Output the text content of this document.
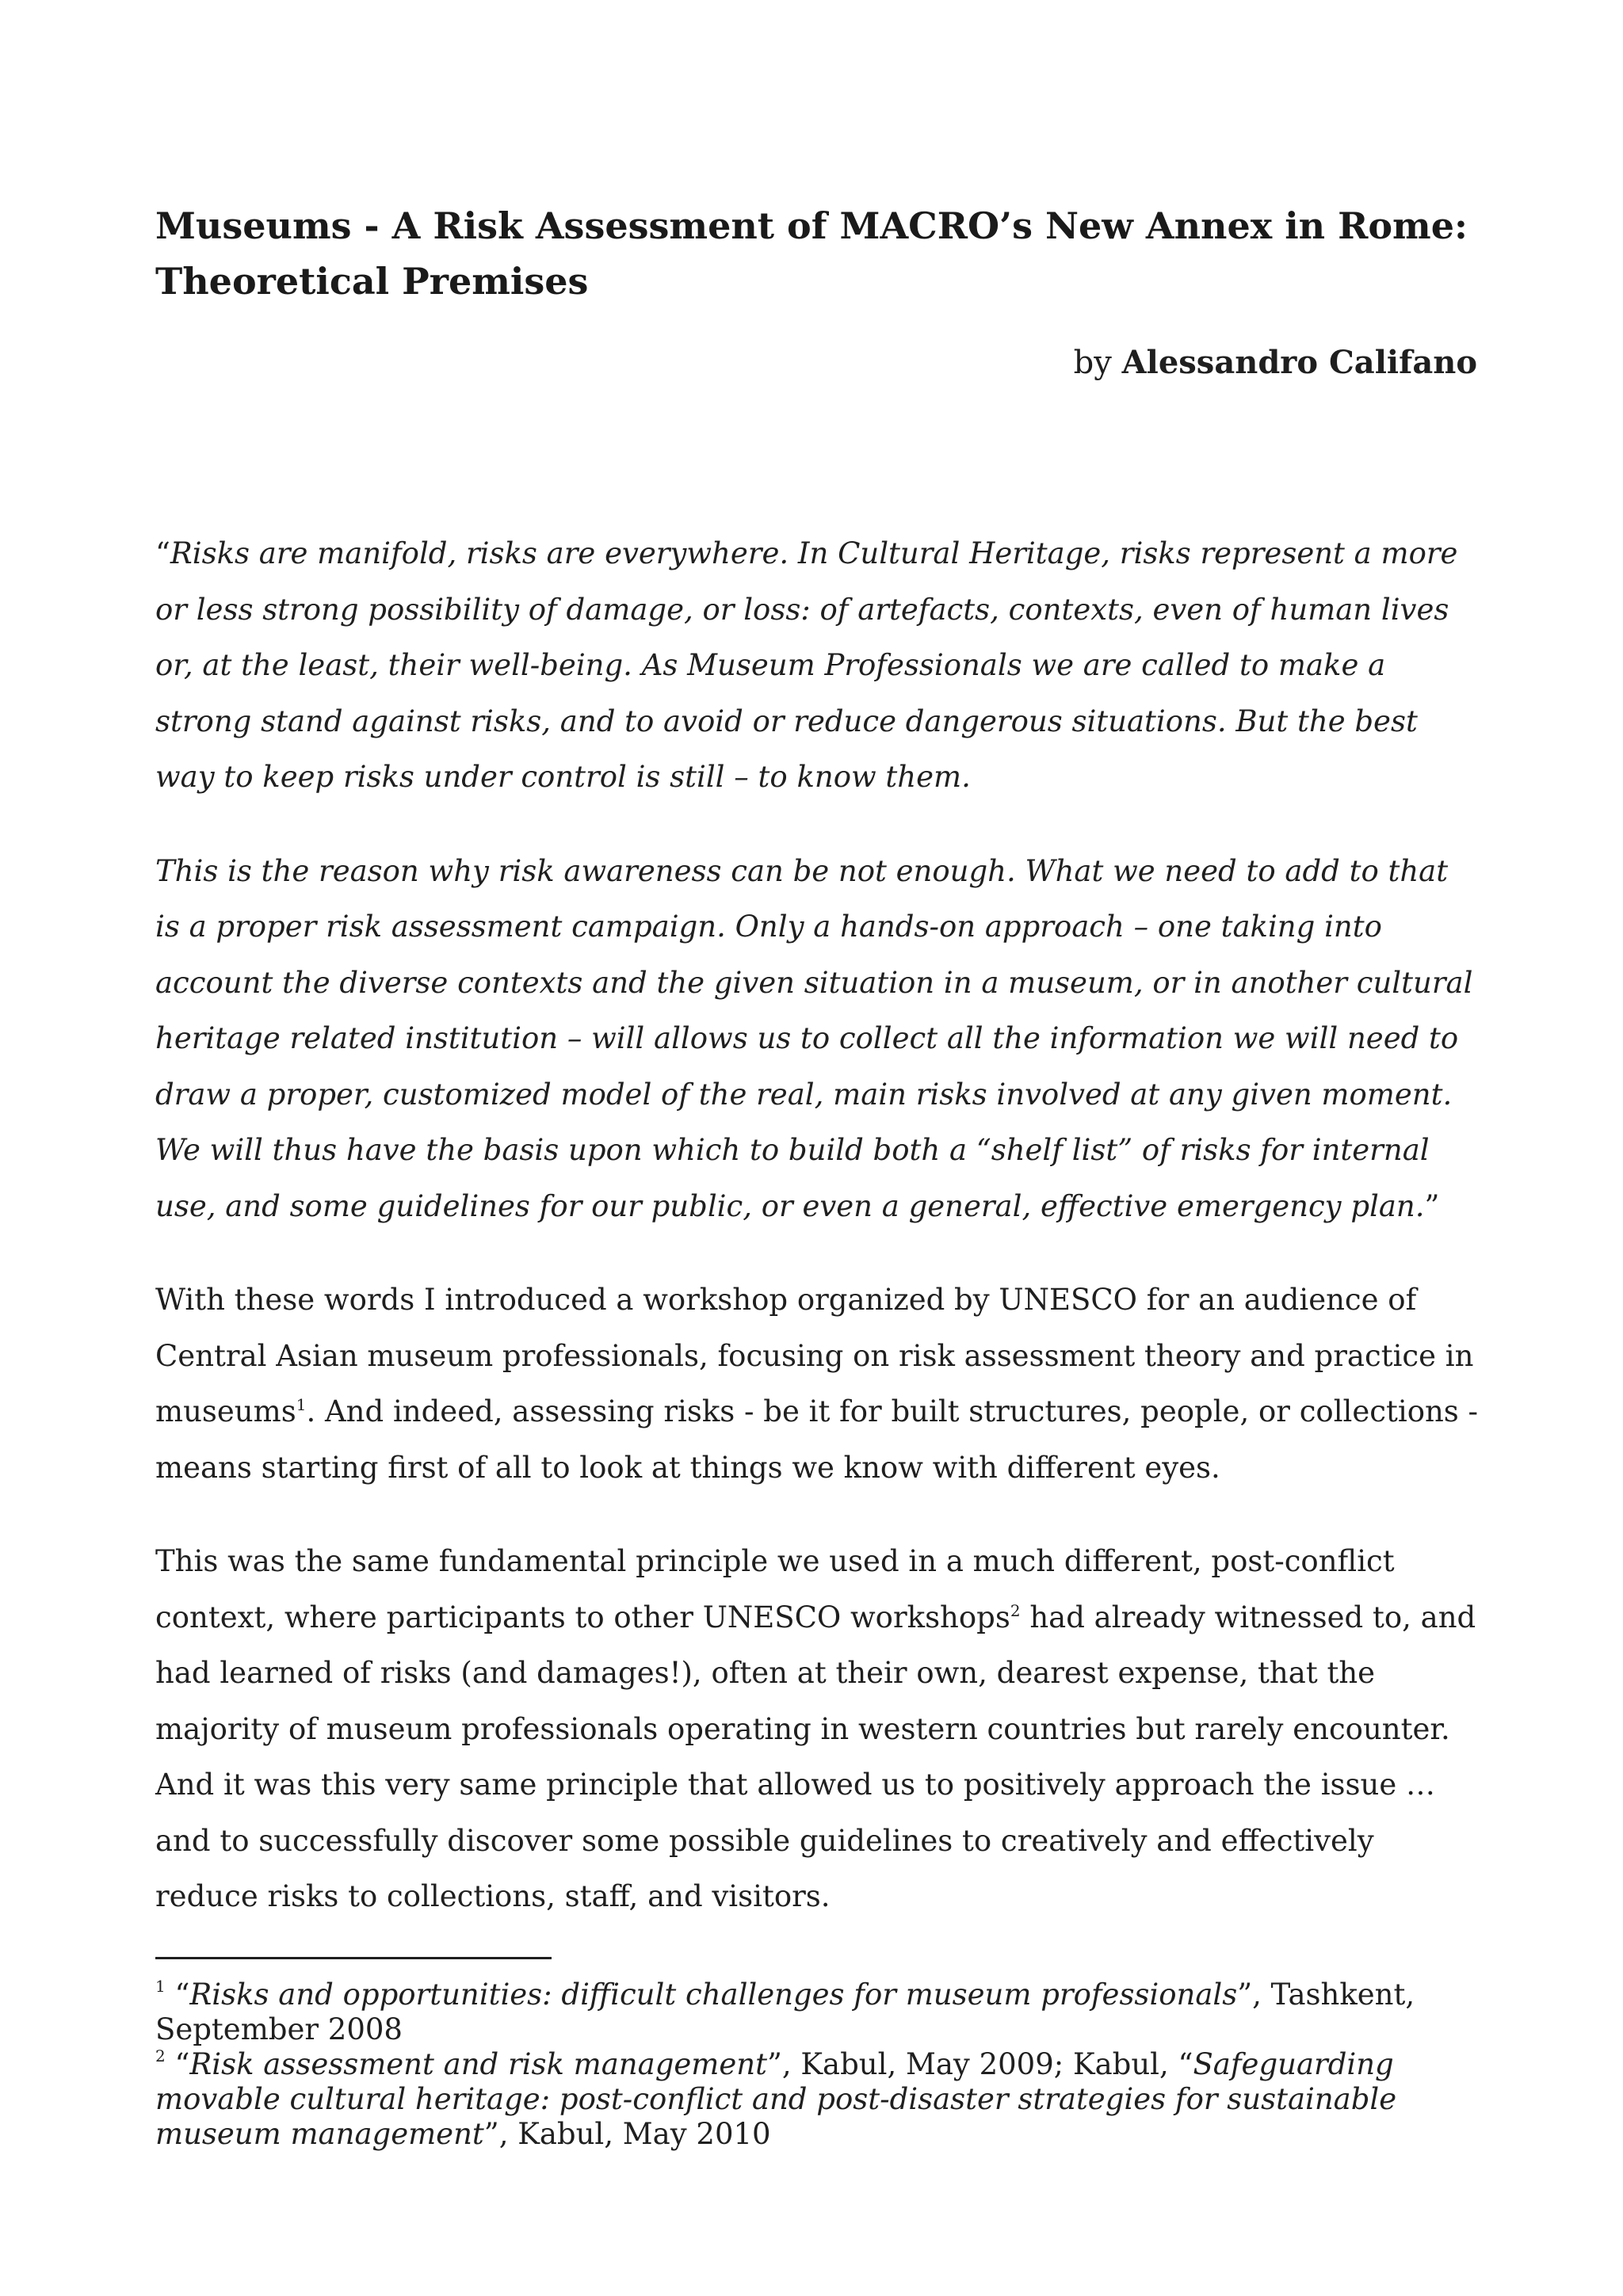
Museums - A Risk Assessment of MACRO’s New Annex in Rome:
Theoretical Premises

by Alessandro Califano

“Risks are manifold, risks are everywhere. In Cultural Heritage, risks represent a more or less strong possibility of damage, or loss: of artefacts, contexts, even of human lives or, at the least, their well-being. As Museum Professionals we are called to make a strong stand against risks, and to avoid or reduce dangerous situations. But the best way to keep risks under control is still – to know them.

This is the reason why risk awareness can be not enough. What we need to add to that is a proper risk assessment campaign. Only a hands-on approach – one taking into account the diverse contexts and the given situation in a museum, or in another cultural heritage related institution – will allows us to collect all the information we will need to draw a proper, customized model of the real, main risks involved at any given moment. We will thus have the basis upon which to build both a “shelf list” of risks for internal use, and some guidelines for our public, or even a general, effective emergency plan.”

With these words I introduced a workshop organized by UNESCO for an audience of Central Asian museum professionals, focusing on risk assessment theory and practice in museums$^1$. And indeed, assessing risks - be it for built structures, people, or collections - means starting first of all to look at things we know with different eyes.

This was the same fundamental principle we used in a much different, post-conflict context, where participants to other UNESCO workshops$^2$ had already witnessed to, and had learned of risks (and damages!), often at their own, dearest expense, that the majority of museum professionals operating in western countries but rarely encounter. And it was this very same principle that allowed us to positively approach the issue … and to successfully discover some possible guidelines to creatively and effectively reduce risks to collections, staff, and visitors.

$^1$ “Risks and opportunities: difficult challenges for museum professionals”, Tashkent, September 2008

$^2$ “Risk assessment and risk management”, Kabul, May 2009; Kabul, “Safeguarding movable cultural heritage: post-conflict and post-disaster strategies for sustainable museum management”, Kabul, May 2010
